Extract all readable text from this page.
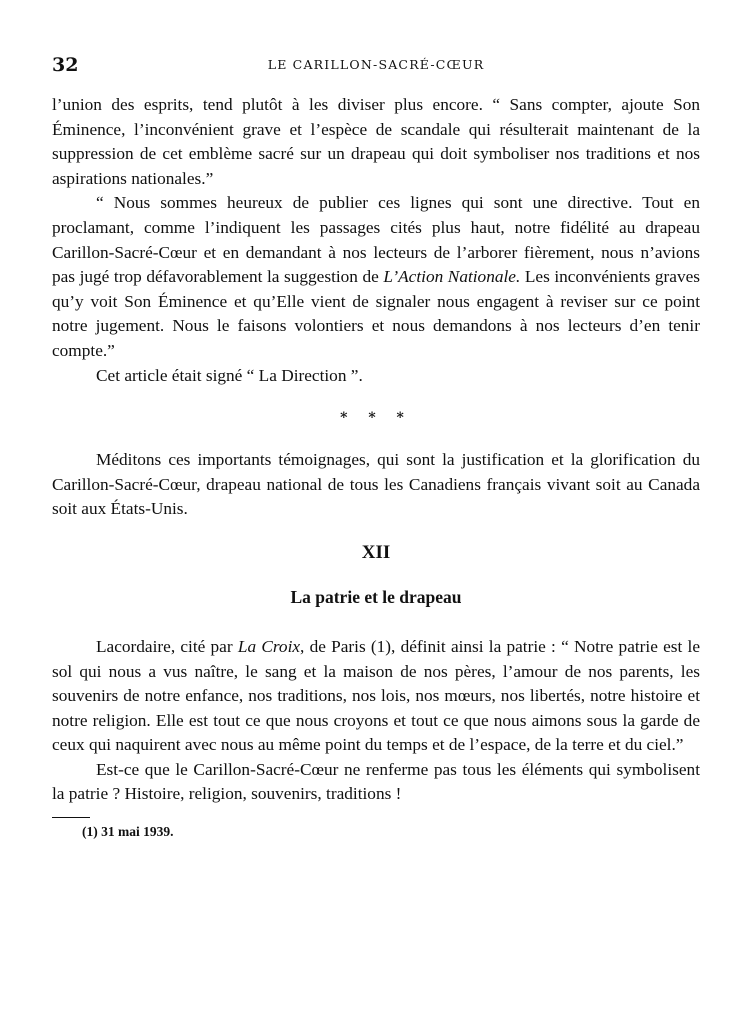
32	LE CARILLON-SACRÉ-CŒUR

l’union des esprits, tend plutôt à les diviser plus encore. “ Sans compter, ajoute Son Éminence, l’inconvénient grave et l’espèce de scandale qui résulterait maintenant de la suppression de cet emblème sacré sur un drapeau qui doit symboliser nos traditions et nos aspirations nationales.”

“ Nous sommes heureux de publier ces lignes qui sont une directive. Tout en proclamant, comme l’indiquent les passages cités plus haut, notre fidélité au drapeau Carillon-Sacré-Cœur et en demandant à nos lecteurs de l’arborer fièrement, nous n’avions pas jugé trop défavorablement la suggestion de L’Action Nationale. Les inconvénients graves qu’y voit Son Éminence et qu’Elle vient de signaler nous engagent à reviser sur ce point notre jugement. Nous le faisons volontiers et nous demandons à nos lecteurs d’en tenir compte.”

Cet article était signé “ La Direction ”.

* * *

Méditons ces importants témoignages, qui sont la justification et la glorification du Carillon-Sacré-Cœur, drapeau national de tous les Canadiens français vivant soit au Canada soit aux États-Unis.

XII
La patrie et le drapeau

Lacordaire, cité par La Croix, de Paris (1), définit ainsi la patrie : “ Notre patrie est le sol qui nous a vus naître, le sang et la maison de nos pères, l’amour de nos parents, les souvenirs de notre enfance, nos traditions, nos lois, nos mœurs, nos libertés, notre histoire et notre religion. Elle est tout ce que nous croyons et tout ce que nous aimons sous la garde de ceux qui naquirent avec nous au même point du temps et de l’espace, de la terre et du ciel.”

Est-ce que le Carillon-Sacré-Cœur ne renferme pas tous les éléments qui symbolisent la patrie ? Histoire, religion, souvenirs, traditions !

(1) 31 mai 1939.
